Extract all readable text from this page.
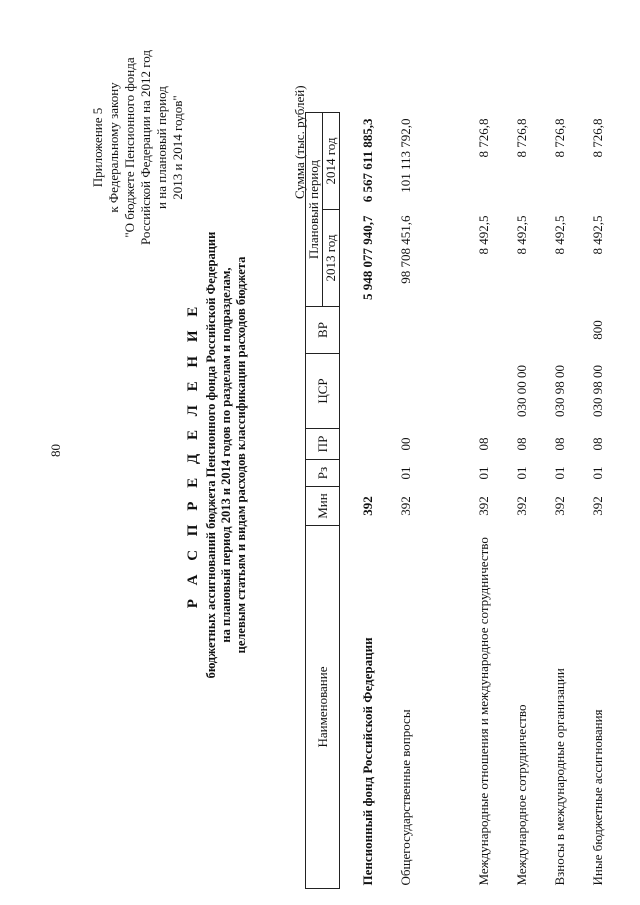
80
Приложение 5 к Федеральному закону "О бюджете Пенсионного фонда Российской Федерации на 2012 год и на плановый период 2013 и 2014 годов"
Р А С П Р Е Д Е Л Е Н И Е бюджетных ассигнований бюджета Пенсионного фонда Российской Федерации на плановый период 2013 и 2014 годов по разделам и подразделам, целевым статьям и видам расходов классификации расходов бюджета
Сумма (тыс. рублей)
Наименование	Мин	Рз	ПР	ЦСР	ВР	Плановый период	
						2013 год	2014 год
Пенсионный фонд Российской Федерации	392					5 948 077 940,7	6 567 611 885,3
Общегосударственные вопросы	392	01	00			98 708 451,6	101 113 792,0
Международные отношения и международное сотрудничество	392	01	08			8 492,5	8 726,8
Международное сотрудничество	392	01	08	030 00 00		8 492,5	8 726,8
Взносы в международные организации	392	01	08	030 98 00		8 492,5	8 726,8
Иные бюджетные ассигнования	392	01	08	030 98 00	800	8 492,5	8 726,8
